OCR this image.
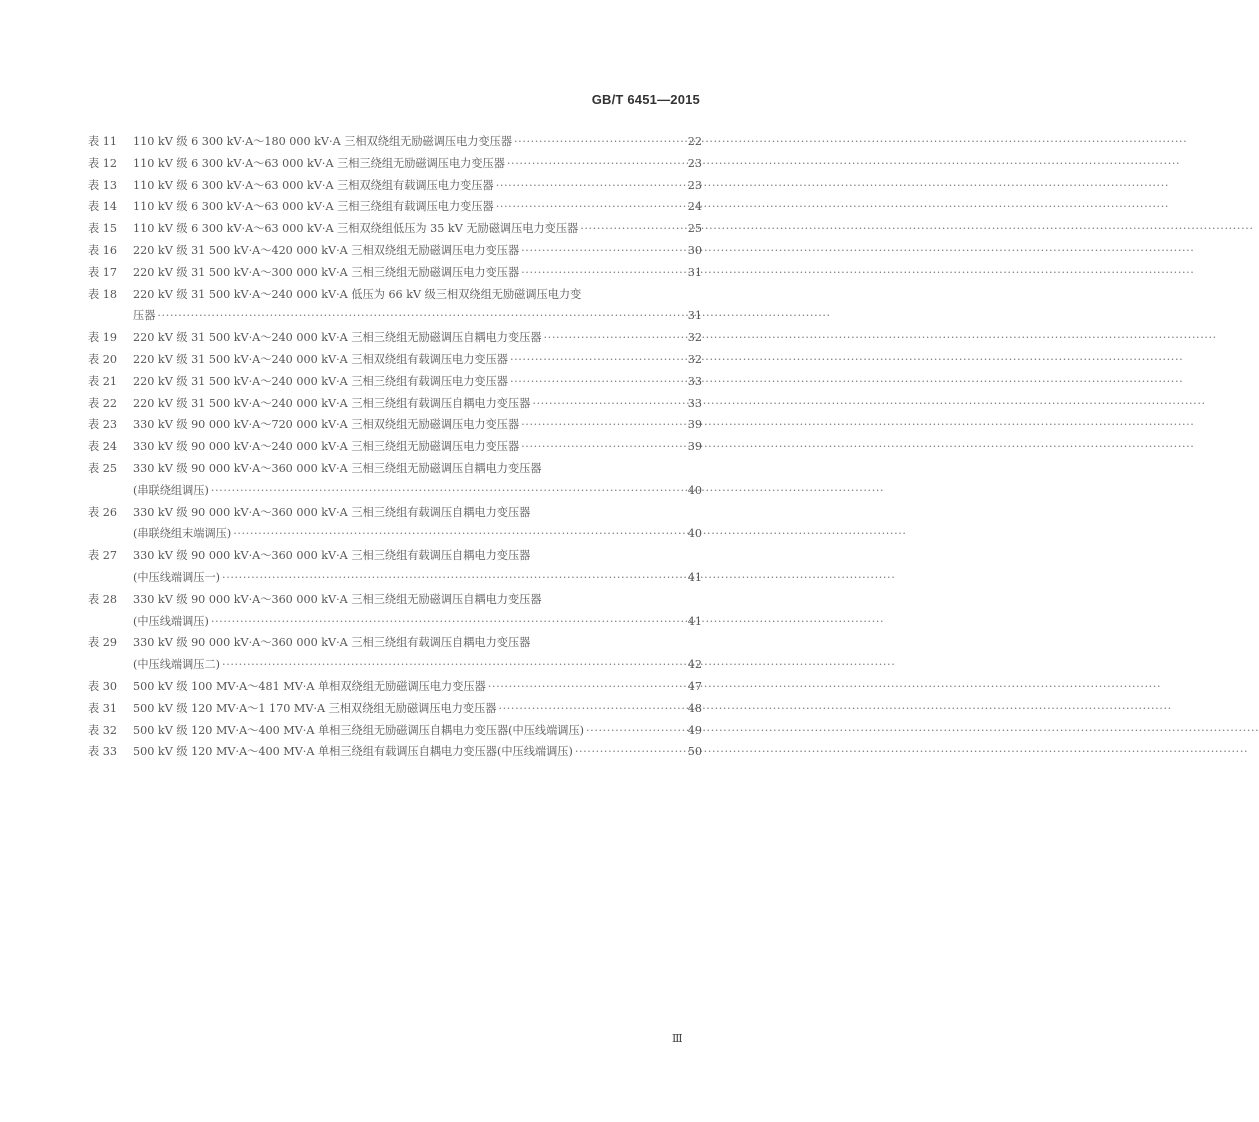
GB/T 6451—2015
表 11 110 kV 级 6 300 kV·A～180 000 kV·A 三相双绕组无励磁调压电力变压器 ·····	22
表 12 110 kV 级 6 300 kV·A～63 000 kV·A 三相三绕组无励磁调压电力变压器 ·····	23
表 13 110 kV 级 6 300 kV·A～63 000 kV·A 三相双绕组有载调压电力变压器 ·····	23
表 14 110 kV 级 6 300 kV·A～63 000 kV·A 三相三绕组有载调压电力变压器 ·····	24
表 15 110 kV 级 6 300 kV·A～63 000 kV·A 三相双绕组低压为 35 kV 无励磁调压电力变压器 ·····	25
表 16 220 kV 级 31 500 kV·A～420 000 kV·A 三相双绕组无励磁调压电力变压器 ·····	30
表 17 220 kV 级 31 500 kV·A～300 000 kV·A 三相三绕组无励磁调压电力变压器 ·····	31
表 18 220 kV 级 31 500 kV·A～240 000 kV·A 低压为 66 kV 级三相双绕组无励磁调压电力变
压器 ·····	31
表 19 220 kV 级 31 500 kV·A～240 000 kV·A 三相三绕组无励磁调压自耦电力变压器 ·····	32
表 20 220 kV 级 31 500 kV·A～240 000 kV·A 三相双绕组有载调压电力变压器 ·····	32
表 21 220 kV 级 31 500 kV·A～240 000 kV·A 三相三绕组有载调压电力变压器 ·····	33
表 22 220 kV 级 31 500 kV·A～240 000 kV·A 三相三绕组有载调压自耦电力变压器 ·····	33
表 23 330 kV 级 90 000 kV·A～720 000 kV·A 三相双绕组无励磁调压电力变压器 ·····	39
表 24 330 kV 级 90 000 kV·A～240 000 kV·A 三相三绕组无励磁调压电力变压器 ·····	39
表 25 330 kV 级 90 000 kV·A～360 000 kV·A 三相三绕组无励磁调压自耦电力变压器
(串联绕组调压) ·····	40
表 26 330 kV 级 90 000 kV·A～360 000 kV·A 三相三绕组有载调压自耦电力变压器
(串联绕组末端调压) ·····	40
表 27 330 kV 级 90 000 kV·A～360 000 kV·A 三相三绕组有载调压自耦电力变压器
(中压线端调压一) ·····	41
表 28 330 kV 级 90 000 kV·A～360 000 kV·A 三相三绕组无励磁调压自耦电力变压器
(中压线端调压) ·····	41
表 29 330 kV 级 90 000 kV·A～360 000 kV·A 三相三绕组有载调压自耦电力变压器
(中压线端调压二) ·····	42
表 30 500 kV 级 100 MV·A～481 MV·A 单相双绕组无励磁调压电力变压器 ·····	47
表 31 500 kV 级 120 MV·A～1 170 MV·A 三相双绕组无励磁调压电力变压器 ·····	48
表 32 500 kV 级 120 MV·A～400 MV·A 单相三绕组无励磁调压自耦电力变压器(中压线端调压) ·····	49
表 33 500 kV 级 120 MV·A～400 MV·A 单相三绕组有载调压自耦电力变压器(中压线端调压) ·····	50
Ⅲ
